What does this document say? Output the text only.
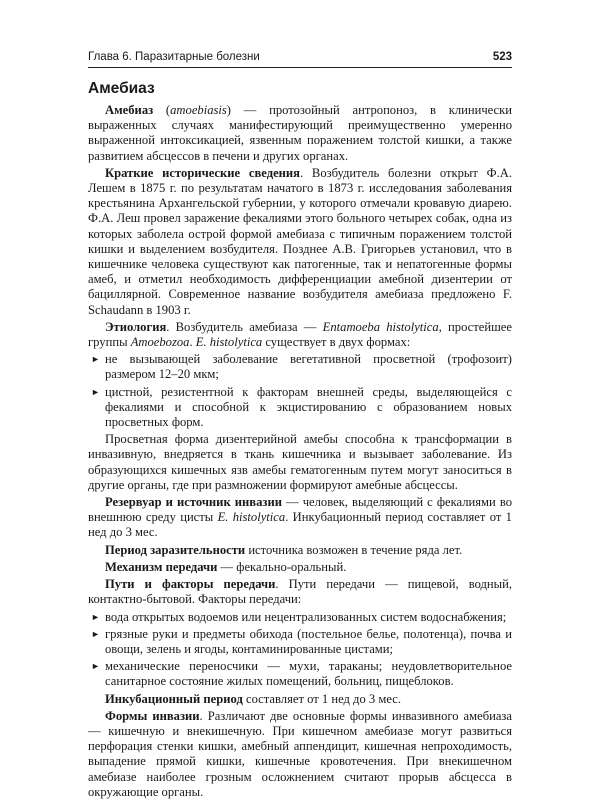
Глава 6. Паразитарные болезни	523
Амебиаз

Амебиаз (amoebiasis) — протозойный антропоноз, в клинически выраженных случаях манифестирующий преимущественно умеренно выраженной интоксикацией, язвенным поражением толстой кишки, а также развитием абсцессов в печени и других органах.

Краткие исторические сведения. Возбудитель болезни открыт Ф.А. Лешем в 1875 г. по результатам начатого в 1873 г. исследования заболевания крестьянина Архангельской губернии, у которого отмечали кровавую диарею. Ф.А. Леш провел заражение фекалиями этого больного четырех собак, одна из которых заболела острой формой амебиаза с типичным поражением толстой кишки и выделением возбудителя. Позднее А.В. Григорьев установил, что в кишечнике человека существуют как патогенные, так и непатогенные формы амеб, и отметил необходимость дифференциации амебной дизентерии от бациллярной. Современное название возбудителя амебиаза предложено F. Schaudann в 1903 г.

Этиология. Возбудитель амебиаза — Entamoeba histolytica, простейшее группы Amoebozoa. E. histolytica существует в двух формах:

► не вызывающей заболевание вегетативной просветной (трофозоит) размером 12–20 мкм;
► цистной, резистентной к факторам внешней среды, выделяющейся с фекалиями и способной к экцистированию с образованием новых просветных форм.

Просветная форма дизентерийной амебы способна к трансформации в инвазивную, внедряется в ткань кишечника и вызывает заболевание. Из образующихся кишечных язв амебы гематогенным путем могут заноситься в другие органы, где при размножении формируют амебные абсцессы.

Резервуар и источник инвазии — человек, выделяющий с фекалиями во внешнюю среду цисты E. histolytica. Инкубационный период составляет от 1 нед до 3 мес.

Период заразительности источника возможен в течение ряда лет.

Механизм передачи — фекально-оральный.

Пути и факторы передачи. Пути передачи — пищевой, водный, контактно-бытовой. Факторы передачи:

► вода открытых водоемов или нецентрализованных систем водоснабжения;
► грязные руки и предметы обихода (постельное белье, полотенца), почва и овощи, зелень и ягоды, контаминированные цистами;
► механические переносчики — мухи, тараканы; неудовлетворительное санитарное состояние жилых помещений, больниц, пищеблоков.

Инкубационный период составляет от 1 нед до 3 мес.

Формы инвазии. Различают две основные формы инвазивного амебиаза — кишечную и внекишечную. При кишечном амебиазе могут развиться перфорация стенки кишки, амебный аппендицит, кишечная непроходимость, выпадение прямой кишки, кишечные кровотечения. При внекишечном амебиазе наиболее грозным осложнением считают прорыв абсцесса в окружающие органы.
